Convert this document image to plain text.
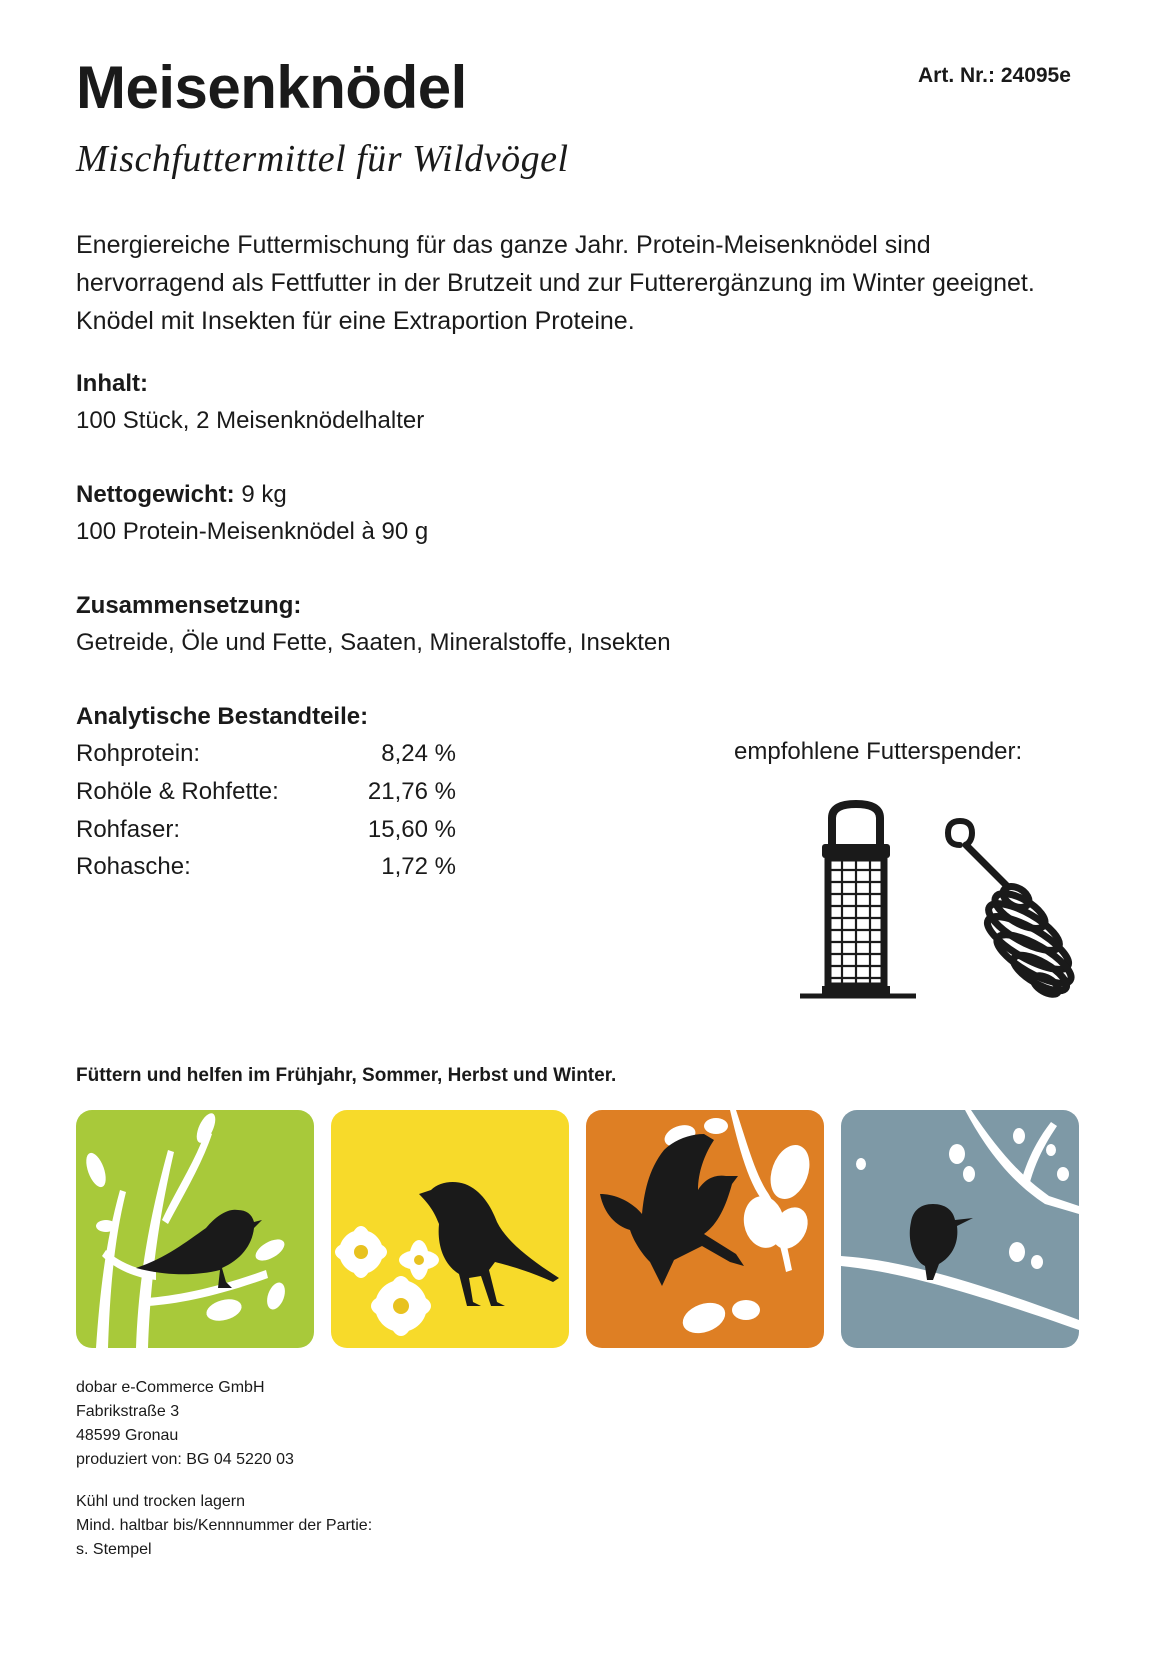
Meisenknödel
Mischfuttermittel für Wildvögel
Art. Nr.: 24095e
Energiereiche Futtermischung für das ganze Jahr. Protein-Meisenknödel sind hervorragend als Fettfutter in der Brutzeit und zur Futterergänzung im Winter geeignet. Knödel mit Insekten für eine Extraportion Proteine.
Inhalt:
100 Stück, 2 Meisenknödelhalter
Nettogewicht: 9 kg
100 Protein-Meisenknödel à 90 g
Zusammensetzung:
Getreide, Öle und Fette, Saaten, Mineralstoffe, Insekten
Analytische Bestandteile:
Rohprotein:	8,24 %
Rohöle & Rohfette:	21,76 %
Rohfaser:	15,60 %
Rohasche:	1,72 %
empfohlene Futterspender:
Füttern und helfen im Frühjahr, Sommer, Herbst und Winter.
dobar e-Commerce GmbH
Fabrikstraße 3
48599 Gronau
produziert von: BG 04 5220 03
Kühl und trocken lagern
Mind. haltbar bis/Kennnummer der Partie:
s. Stempel
